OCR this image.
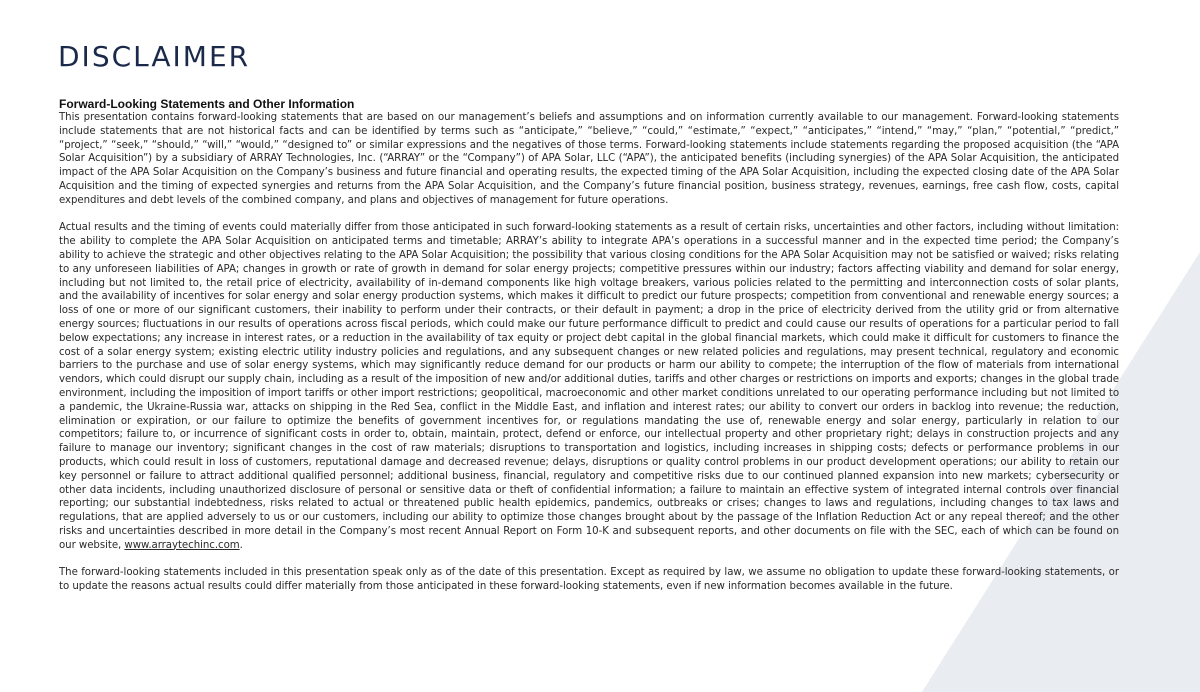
DISCLAIMER
Forward-Looking Statements and Other Information

This presentation contains forward-looking statements that are based on our management’s beliefs and assumptions and on information currently available to our management. Forward-looking statements include statements that are not historical facts and can be identified by terms such as “anticipate,” “believe,” “could,” “estimate,” “expect,” “anticipates,” “intend,” “may,” “plan,” “potential,” “predict,” “project,” “seek,” “should,” “will,” “would,” “designed to” or similar expressions and the negatives of those terms. Forward-looking statements include statements regarding the proposed acquisition (the “APA Solar Acquisition”) by a subsidiary of ARRAY Technologies, Inc. (“ARRAY” or the “Company”) of APA Solar, LLC (“APA”), the anticipated benefits (including synergies) of the APA Solar Acquisition, the anticipated impact of the APA Solar Acquisition on the Company’s business and future financial and operating results, the expected timing of the APA Solar Acquisition, including the expected closing date of the APA Solar Acquisition and the timing of expected synergies and returns from the APA Solar Acquisition, and the Company’s future financial position, business strategy, revenues, earnings, free cash flow, costs, capital expenditures and debt levels of the combined company, and plans and objectives of management for future operations.

Actual results and the timing of events could materially differ from those anticipated in such forward-looking statements as a result of certain risks, uncertainties and other factors, including without limitation: the ability to complete the APA Solar Acquisition on anticipated terms and timetable; ARRAY’s ability to integrate APA’s operations in a successful manner and in the expected time period; the Company’s ability to achieve the strategic and other objectives relating to the APA Solar Acquisition; the possibility that various closing conditions for the APA Solar Acquisition may not be satisfied or waived; risks relating to any unforeseen liabilities of APA; changes in growth or rate of growth in demand for solar energy projects; competitive pressures within our industry; factors affecting viability and demand for solar energy, including but not limited to, the retail price of electricity, availability of in-demand components like high voltage breakers, various policies related to the permitting and interconnection costs of solar plants, and the availability of incentives for solar energy and solar energy production systems, which makes it difficult to predict our future prospects; competition from conventional and renewable energy sources; a loss of one or more of our significant customers, their inability to perform under their contracts, or their default in payment; a drop in the price of electricity derived from the utility grid or from alternative energy sources; fluctuations in our results of operations across fiscal periods, which could make our future performance difficult to predict and could cause our results of operations for a particular period to fall below expectations; any increase in interest rates, or a reduction in the availability of tax equity or project debt capital in the global financial markets, which could make it difficult for customers to finance the cost of a solar energy system; existing electric utility industry policies and regulations, and any subsequent changes or new related policies and regulations, may present technical, regulatory and economic barriers to the purchase and use of solar energy systems, which may significantly reduce demand for our products or harm our ability to compete; the interruption of the flow of materials from international vendors, which could disrupt our supply chain, including as a result of the imposition of new and/or additional duties, tariffs and other charges or restrictions on imports and exports; changes in the global trade environment, including the imposition of import tariffs or other import restrictions; geopolitical, macroeconomic and other market conditions unrelated to our operating performance including but not limited to a pandemic, the Ukraine-Russia war, attacks on shipping in the Red Sea, conflict in the Middle East, and inflation and interest rates; our ability to convert our orders in backlog into revenue; the reduction, elimination or expiration, or our failure to optimize the benefits of government incentives for, or regulations mandating the use of, renewable energy and solar energy, particularly in relation to our competitors; failure to, or incurrence of significant costs in order to, obtain, maintain, protect, defend or enforce, our intellectual property and other proprietary right; delays in construction projects and any failure to manage our inventory; significant changes in the cost of raw materials; disruptions to transportation and logistics, including increases in shipping costs; defects or performance problems in our products, which could result in loss of customers, reputational damage and decreased revenue; delays, disruptions or quality control problems in our product development operations; our ability to retain our key personnel or failure to attract additional qualified personnel; additional business, financial, regulatory and competitive risks due to our continued planned expansion into new markets; cybersecurity or other data incidents, including unauthorized disclosure of personal or sensitive data or theft of confidential information; a failure to maintain an effective system of integrated internal controls over financial reporting; our substantial indebtedness, risks related to actual or threatened public health epidemics, pandemics, outbreaks or crises; changes to laws and regulations, including changes to tax laws and regulations, that are applied adversely to us or our customers, including our ability to optimize those changes brought about by the passage of the Inflation Reduction Act or any repeal thereof; and the other risks and uncertainties described in more detail in the Company’s most recent Annual Report on Form 10-K and subsequent reports, and other documents on file with the SEC, each of which can be found on our website, www.arraytechinc.com.

The forward-looking statements included in this presentation speak only as of the date of this presentation. Except as required by law, we assume no obligation to update these forward-looking statements, or to update the reasons actual results could differ materially from those anticipated in these forward-looking statements, even if new information becomes available in the future.
